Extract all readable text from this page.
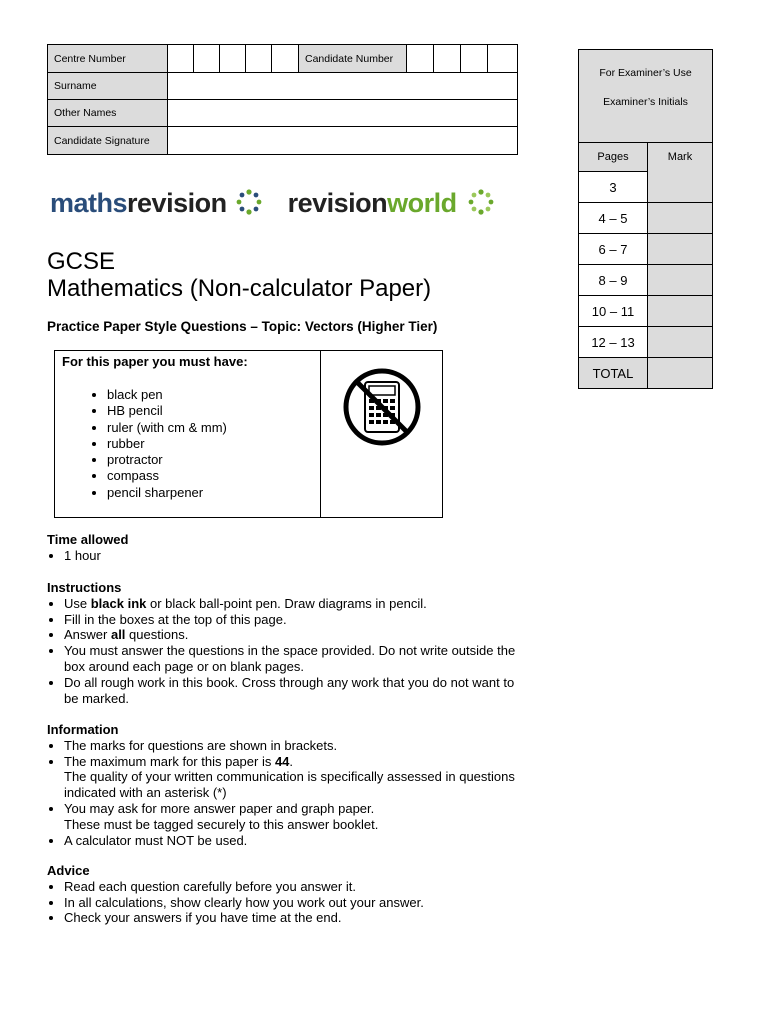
Centre Number						Candidate Number				
Surname										
Other Names										
Candidate Signature										
For Examiner’s Use	
Examiner’s Initials	
Pages	Mark
3	
4 – 5	
6 – 7	
8 – 9	
10 – 11	
12 – 13	
TOTAL	
mathsrevision revisionworld
GCSE
Mathematics (Non-calculator Paper)
Practice Paper Style Questions – Topic: Vectors (Higher Tier)
For this paper you must have:
• black pen
• HB pencil
• ruler (with cm & mm)
• rubber
• protractor
• compass
• pencil sharpener
Time allowed
• 1 hour
Instructions
• Use black ink or black ball-point pen. Draw diagrams in pencil.
• Fill in the boxes at the top of this page.
• Answer all questions.
• You must answer the questions in the space provided. Do not write outside the
box around each page or on blank pages.
• Do all rough work in this book. Cross through any work that you do not want to
be marked.
Information
• The marks for questions are shown in brackets.
• The maximum mark for this paper is 44.
The quality of your written communication is specifically assessed in questions
indicated with an asterisk (*)
• You may ask for more answer paper and graph paper.
These must be tagged securely to this answer booklet.
• A calculator must NOT be used.
Advice
• Read each question carefully before you answer it.
• In all calculations, show clearly how you work out your answer.
• Check your answers if you have time at the end.
